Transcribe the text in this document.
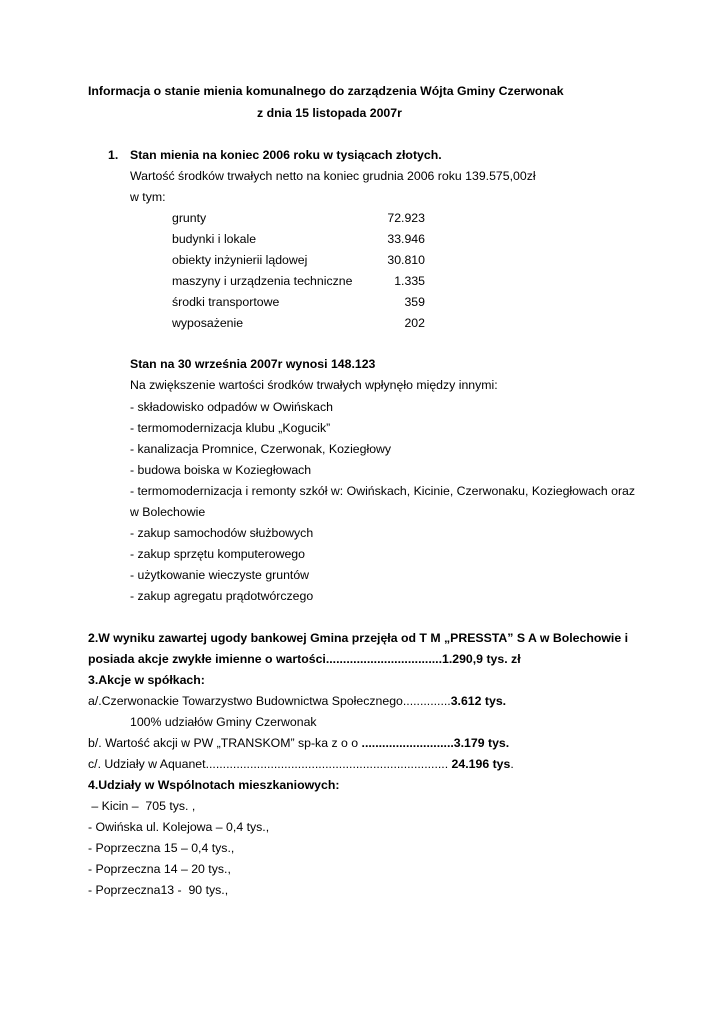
Informacja o stanie mienia komunalnego do zarządzenia Wójta Gminy Czerwonak
z dnia 15 listopada 2007r
1. Stan mienia na koniec 2006 roku w tysiącach złotych.
Wartość środków trwałych netto na koniec grudnia 2006 roku 139.575,00zł
w tym:
grunty	72.923
budynki i lokale	33.946
obiekty inżynierii lądowej	30.810
maszyny i urządzenia techniczne	1.335
środki transportowe	359
wyposażenie	202
Stan na 30 września 2007r wynosi 148.123
Na zwiększenie wartości środków trwałych wpłynęło między innymi:
- składowisko odpadów w Owińskach
- termomodernizacja klubu „Kogucik”
- kanalizacja Promnice, Czerwonak, Koziegłowy
- budowa boiska w Koziegłowach
- termomodernizacja i remonty szkół w: Owińskach, Kicinie, Czerwonaku, Koziegłowach oraz
w Bolechowie
- zakup samochodów służbowych
- zakup sprzętu komputerowego
- użytkowanie wieczyste gruntów
- zakup agregatu prądotwórczego
2.W wyniku zawartej ugody bankowej Gmina przejęła od T M „PRESSTA” S A w Bolechowie i
posiada akcje zwykłe imienne o wartości..................................1.290,9 tys. zł
3.Akcje w spółkach:
a/.Czerwonackie Towarzystwo Budownictwa Społecznego..............3.612 tys.
100% udziałów Gminy Czerwonak
b/. Wartość akcji w PW „TRANSKOM” sp-ka z o o ...........................3.179 tys.
c/. Udziały w Aquanet....................................................................... 24.196 tys.
4.Udziały w Wspólnotach mieszkaniowych:
– Kicin –  705 tys. ,
- Owińska ul. Kolejowa – 0,4 tys.,
- Poprzeczna 15 – 0,4 tys.,
- Poprzeczna 14 – 20 tys.,
- Poprzeczna13 -  90 tys.,
